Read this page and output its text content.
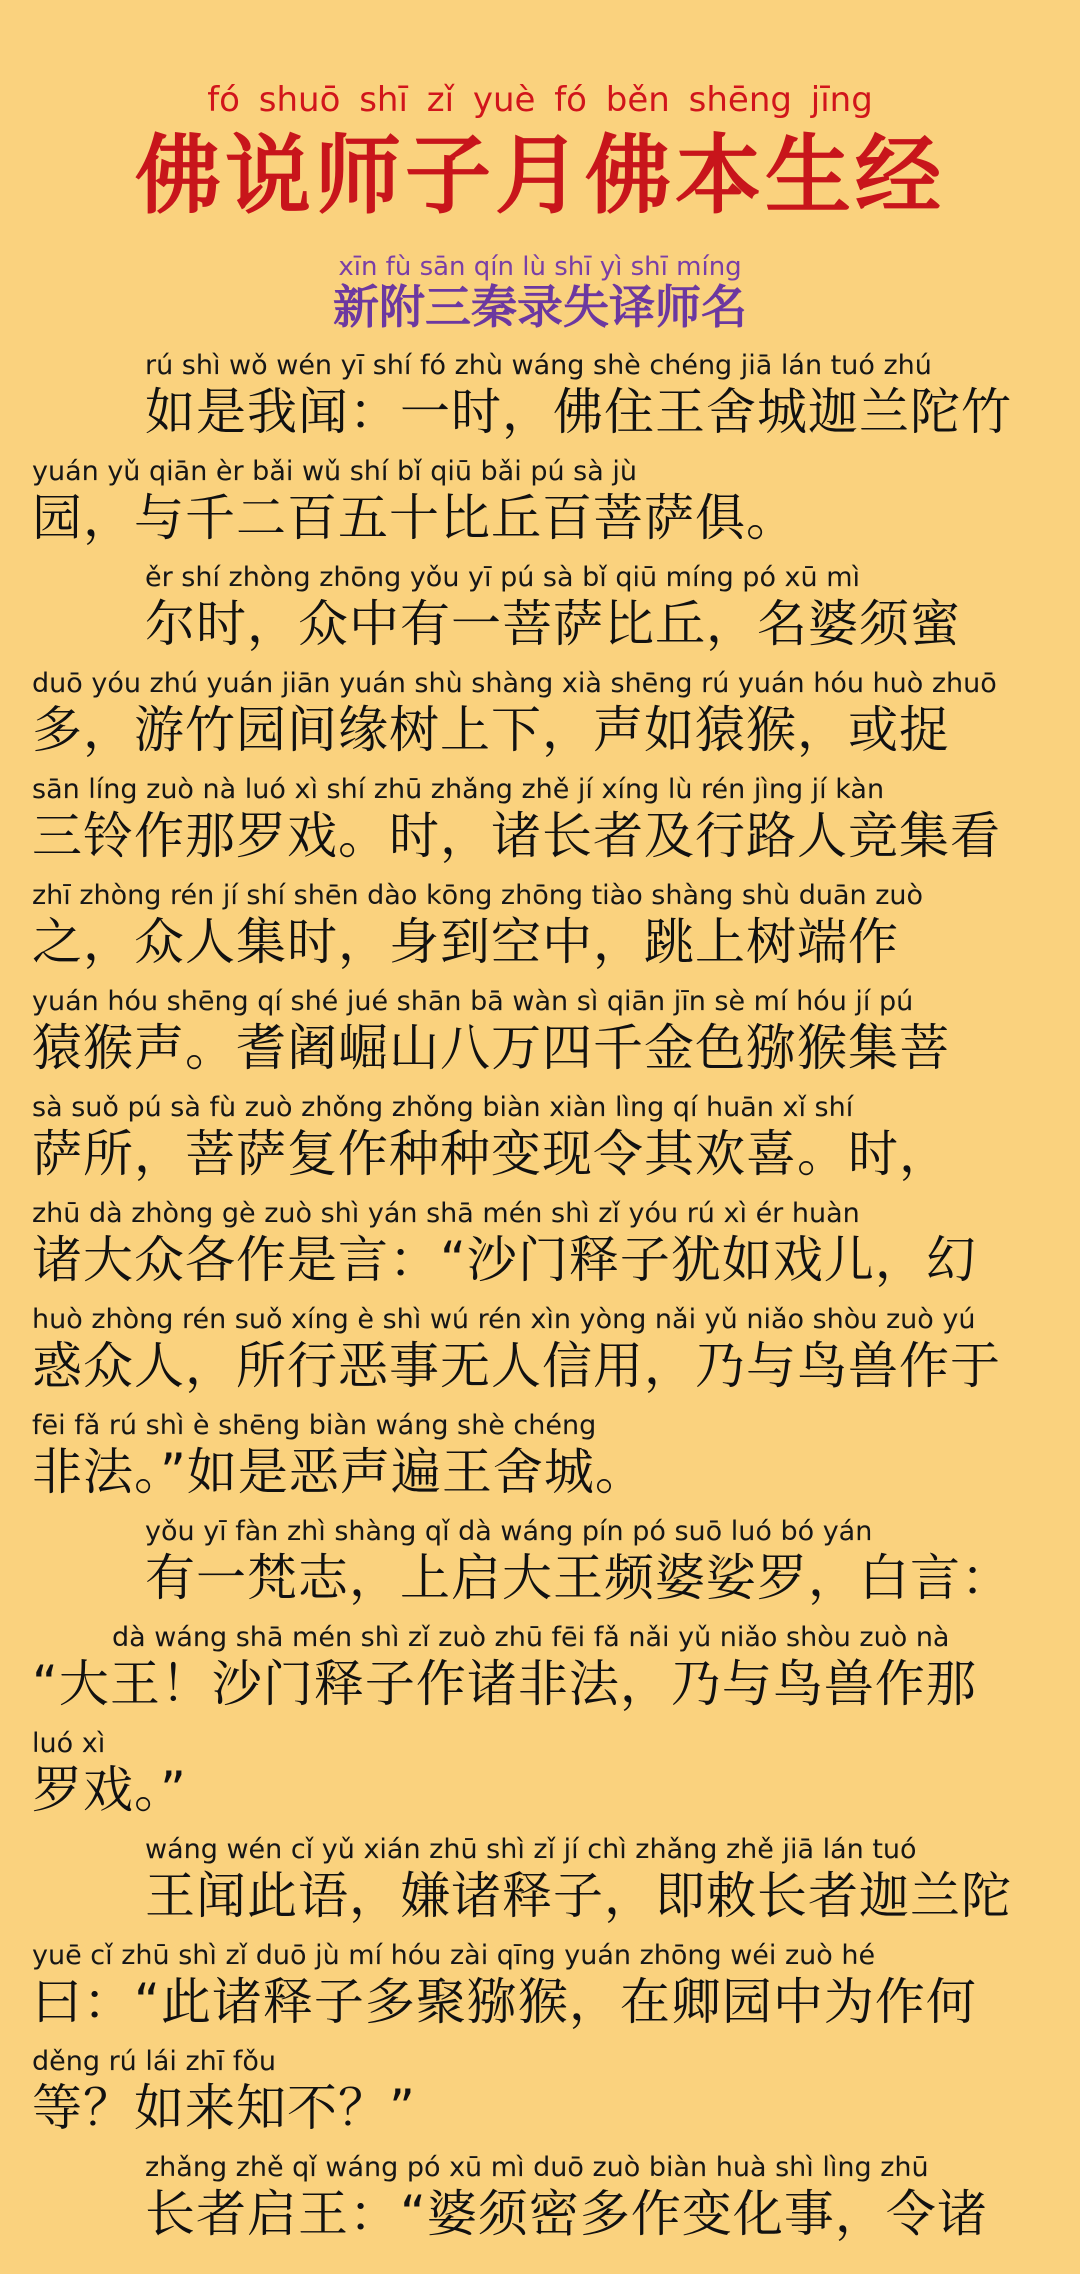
fó shuō shī zǐ yuè fó běn shēng jīng
佛说师子月佛本生经
xīn fù sān qín lù shī yì shī míng
新附三秦录失译师名
rú shì wǒ wén yī shí fó zhù wáng shè chéng jiā lán tuó zhú
如是我闻：一时，佛住王舍城迦兰陀竹
yuán yǔ qiān èr bǎi wǔ shí bǐ qiū bǎi pú sà jù
园，与千二百五十比丘百菩萨俱。
ěr shí zhòng zhōng yǒu yī pú sà bǐ qiū míng pó xū mì
尔时，众中有一菩萨比丘，名婆须蜜
duō yóu zhú yuán jiān yuán shù shàng xià shēng rú yuán hóu huò zhuō
多，游竹园间缘树上下，声如猿猴，或捉
sān líng zuò nà luó xì shí zhū zhǎng zhě jí xíng lù rén jìng jí kàn
三铃作那罗戏。时，诸长者及行路人竞集看
zhī zhòng rén jí shí shēn dào kōng zhōng tiào shàng shù duān zuò
之，众人集时，身到空中，跳上树端作
yuán hóu shēng qí shé jué shān bā wàn sì qiān jīn sè mí hóu jí pú
猿猴声。耆阇崛山八万四千金色猕猴集菩
sà suǒ pú sà fù zuò zhǒng zhǒng biàn xiàn lìng qí huān xǐ shí
萨所，菩萨复作种种变现令其欢喜。时，
zhū dà zhòng gè zuò shì yán shā mén shì zǐ yóu rú xì ér huàn
诸大众各作是言：“沙门释子犹如戏儿，幻
huò zhòng rén suǒ xíng è shì wú rén xìn yòng nǎi yǔ niǎo shòu zuò yú
惑众人，所行恶事无人信用，乃与鸟兽作于
fēi fǎ rú shì è shēng biàn wáng shè chéng
非法。”如是恶声遍王舍城。
yǒu yī fàn zhì shàng qǐ dà wáng pín pó suō luó bó yán
有一梵志，上启大王频婆娑罗，白言：
dà wáng shā mén shì zǐ zuò zhū fēi fǎ nǎi yǔ niǎo shòu zuò nà
“大王！沙门释子作诸非法，乃与鸟兽作那
luó xì
罗戏。”
wáng wén cǐ yǔ xián zhū shì zǐ jí chì zhǎng zhě jiā lán tuó
王闻此语，嫌诸释子，即敕长者迦兰陀
yuē cǐ zhū shì zǐ duō jù mí hóu zài qīng yuán zhōng wéi zuò hé
曰：“此诸释子多聚猕猴，在卿园中为作何
děng rú lái zhī fǒu
等？如来知不？”
zhǎng zhě qǐ wáng pó xū mì duō zuò biàn huà shì lìng zhū
长者启王：“婆须密多作变化事，令诸
